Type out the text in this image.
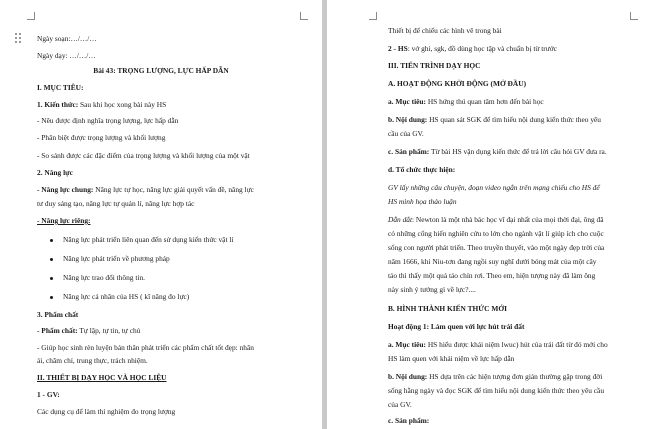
Ngày soạn:…/…/…
Ngày dạy: …/…/…
Bài 43: TRỌNG LƯỢNG, LỰC HẤP DẪN
I. MỤC TIÊU:
1. Kiến thức: Sau khi học xong bài này HS
- Nêu được định nghĩa trọng lượng, lực hấp dẫn
- Phân biệt được trọng lượng và khối lượng
- So sánh được các đặc điểm của trọng lượng và khối lượng của một vật
2. Năng lực
- Năng lực chung: Năng lực tự học, năng lực giải quyết vấn đề, năng lực
tư duy sáng tạo, năng lực tự quản lí, năng lực hợp tác
- Năng lực riêng:
Năng lực phát triển liên quan đến sử dụng kiến thức vật lí
Năng lực phát triển về phương pháp
Năng lực trao đổi thông tin.
Năng lực cá nhân của HS ( kĩ năng đo lực)
3. Phẩm chất
- Phẩm chất: Tự lập, tự tin, tự chủ
- Giúp học sinh rèn luyện bản thân phát triển các phẩm chất tốt đẹp: nhân
ái, chăm chỉ, trung thực, trách nhiệm.
II. THIẾT BỊ DẠY HỌC VÀ HỌC LIỆU
1 - GV:
Các dụng cụ để làm thí nghiệm đo trọng lượng
Thiết bị để chiếu các hình vẽ trong bài
2 - HS: vở ghi, sgk, đồ dùng học tập và chuẩn bị từ trước
III. TIẾN TRÌNH DẠY HỌC
A. HOẠT ĐỘNG KHỞI ĐỘNG (MỞ ĐẦU)
a. Mục tiêu: HS hứng thú quan tâm hơn đến bài học
b. Nội dung: HS quan sát SGK để tìm hiểu nội dung kiến thức theo yêu
cầu của GV.
c. Sản phẩm: Từ bài HS vận dụng kiến thức để trả lời câu hỏi GV đưa ra.
d. Tổ chức thực hiện:
GV lấy những câu chuyện, đoạn video ngắn trên mạng chiếu cho HS để
HS mình họa thảo luận
Dẫn dắt: Newton là một nhà bác học vĩ đại nhất của mọi thời đại, ông đã
có những cống hiến nghiên cứu to lớn cho ngành vật lí giúp ích cho cuộc
sống con người phát triển. Theo truyền thuyết, vào một ngày đẹp trời của
năm 1666, khi Niu-tơn đang ngồi suy nghĩ dưới bóng mát của một cây
táo thì thấy một quả táo chín rơi. Theo em, hiện tượng này đã làm ông
này sinh ý tưởng gì về lực?....
B. HÌNH THÀNH KIẾN THỨC MỚI
Hoạt động 1: Làm quen với lực hút trái đất
a. Mục tiêu: HS hiểu được khái niệm lwuc) hút của trái đất từ đó mởi cho
HS làm quen với khái niệm về lực hấp dẫn
b. Nội dung: HS dựa trên các hiện tượng đơn giản thường gặp trong đời
sống hằng ngày và đọc SGK để tìm hiểu nội dung kiến thức theo yêu cầu
của GV.
c. Sản phẩm:
